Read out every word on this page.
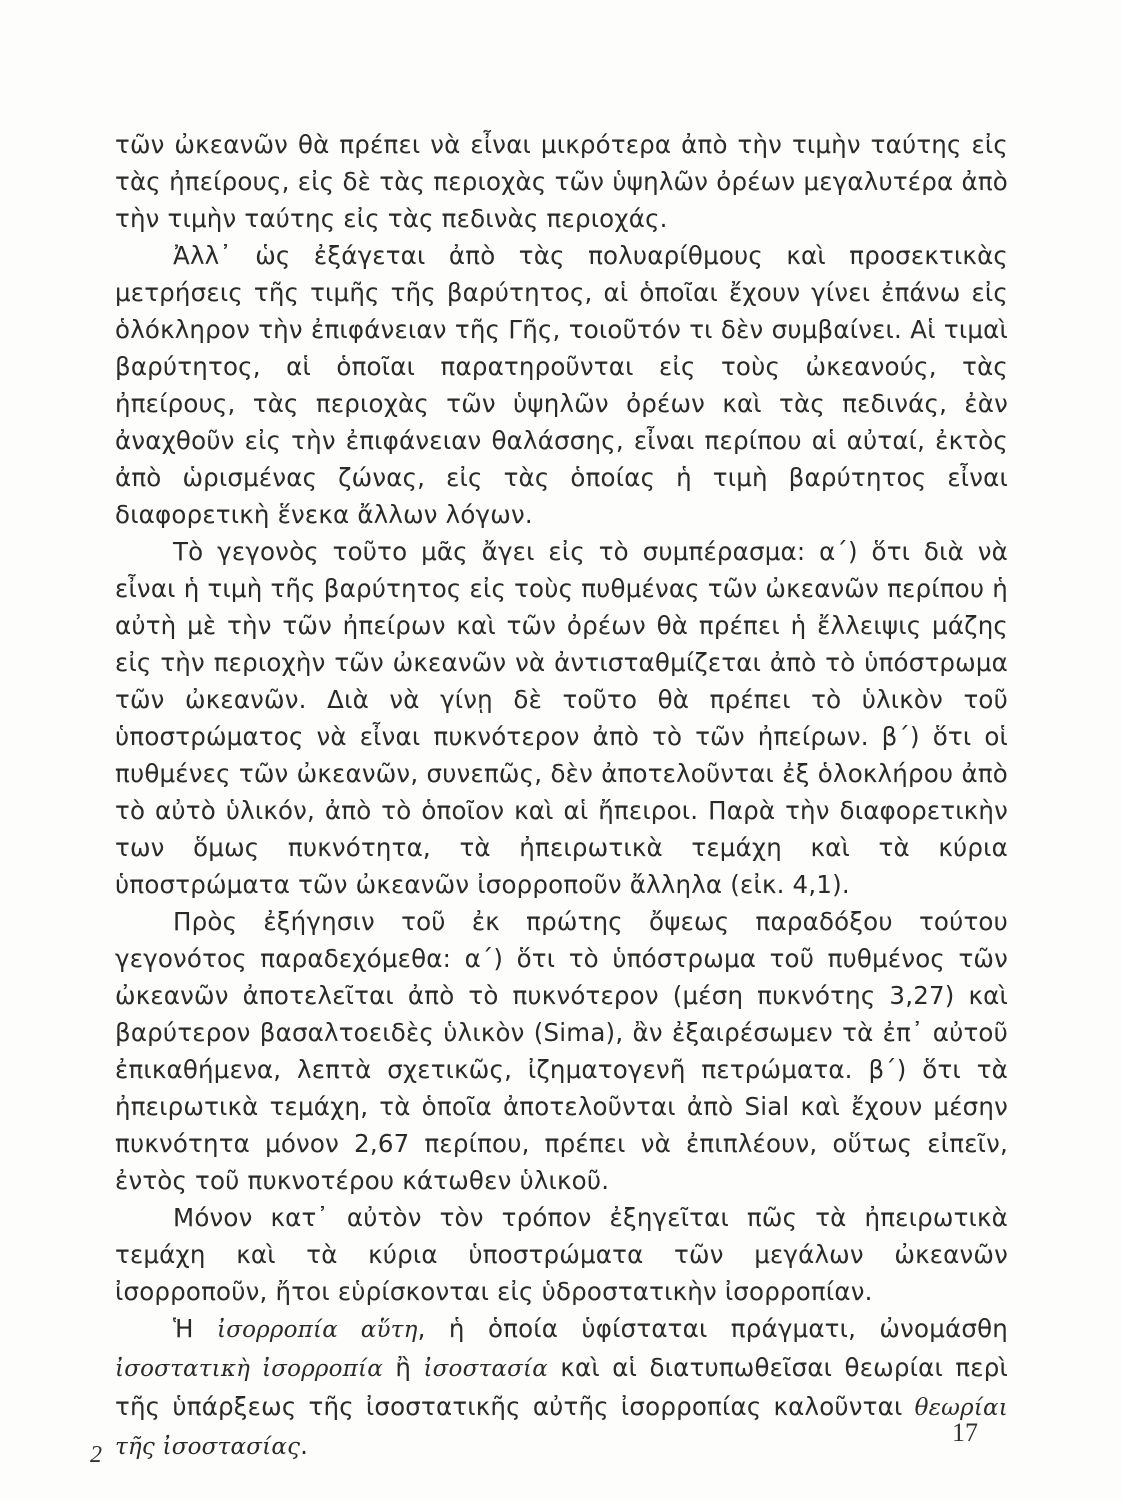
τῶν ὠκεανῶν θὰ πρέπει νὰ εἶναι μικρότερα ἀπὸ τὴν τιμὴν ταύτης εἰς τὰς ἠπείρους, εἰς δὲ τὰς περιοχὰς τῶν ὑψηλῶν ὀρέων μεγαλυτέρα ἀπὸ τὴν τιμὴν ταύτης εἰς τὰς πεδινὰς περιοχάς.

Ἀλλ᾽ ὡς ἐξάγεται ἀπὸ τὰς πολυαρίθμους καὶ προσεκτικὰς μετρήσεις τῆς τιμῆς τῆς βαρύτητος, αἱ ὁποῖαι ἔχουν γίνει ἐπάνω εἰς ὁλόκληρον τὴν ἐπιφάνειαν τῆς Γῆς, τοιοῦτόν τι δὲν συμβαίνει. Αἱ τιμαὶ βαρύτητος, αἱ ὁποῖαι παρατηροῦνται εἰς τοὺς ὠκεανούς, τὰς ἠπείρους, τὰς περιοχὰς τῶν ὑψηλῶν ὀρέων καὶ τὰς πεδινάς, ἐὰν ἀναχθοῦν εἰς τὴν ἐπιφάνειαν θαλάσσης, εἶναι περίπου αἱ αὐταί, ἐκτὸς ἀπὸ ὡρισμένας ζώνας, εἰς τὰς ὁποίας ἡ τιμὴ βαρύτητος εἶναι διαφορετικὴ ἕνεκα ἄλλων λόγων.

Τὸ γεγονὸς τοῦτο μᾶς ἄγει εἰς τὸ συμπέρασμα: α´) ὅτι διὰ νὰ εἶναι ἡ τιμὴ τῆς βαρύτητος εἰς τοὺς πυθμένας τῶν ὠκεανῶν περίπου ἡ αὐτὴ μὲ τὴν τῶν ἠπείρων καὶ τῶν ὀρέων θὰ πρέπει ἡ ἔλλειψις μάζης εἰς τὴν περιοχὴν τῶν ὠκεανῶν νὰ ἀντισταθμίζεται ἀπὸ τὸ ὑπόστρωμα τῶν ὠκεανῶν. Διὰ νὰ γίνῃ δὲ τοῦτο θὰ πρέπει τὸ ὑλικὸν τοῦ ὑποστρώματος νὰ εἶναι πυκνότερον ἀπὸ τὸ τῶν ἠπείρων. β´) ὅτι οἱ πυθμένες τῶν ὠκεανῶν, συνεπῶς, δὲν ἀποτελοῦνται ἐξ ὁλοκλήρου ἀπὸ τὸ αὐτὸ ὑλικόν, ἀπὸ τὸ ὁποῖον καὶ αἱ ἤπειροι. Παρὰ τὴν διαφορετικὴν των ὅμως πυκνότητα, τὰ ἠπειρωτικὰ τεμάχη καὶ τὰ κύρια ὑποστρώματα τῶν ὠκεανῶν ἰσορροποῦν ἄλληλα (εἰκ. 4,1).

Πρὸς ἐξήγησιν τοῦ ἐκ πρώτης ὄψεως παραδόξου τούτου γεγονότος παραδεχόμεθα: α´) ὅτι τὸ ὑπόστρωμα τοῦ πυθμένος τῶν ὠκεανῶν ἀποτελεῖται ἀπὸ τὸ πυκνότερον (μέση πυκνότης 3,27) καὶ βαρύτερον βασαλτοειδὲς ὑλικὸν (Sima), ἂν ἐξαιρέσωμεν τὰ ἐπ᾽ αὐτοῦ ἐπικαθήμενα, λεπτὰ σχετικῶς, ἰζηματογενῆ πετρώματα. β´) ὅτι τὰ ἠπειρωτικὰ τεμάχη, τὰ ὁποῖα ἀποτελοῦνται ἀπὸ Sial καὶ ἔχουν μέσην πυκνότητα μόνον 2,67 περίπου, πρέπει νὰ ἐπιπλέουν, οὕτως εἰπεῖν, ἐντὸς τοῦ πυκνοτέρου κάτωθεν ὑλικοῦ.

Μόνον κατ᾽ αὐτὸν τὸν τρόπον ἐξηγεῖται πῶς τὰ ἠπειρωτικὰ τεμάχη καὶ τὰ κύρια ὑποστρώματα τῶν μεγάλων ὠκεανῶν ἰσορροποῦν, ἤτοι εὑρίσκονται εἰς ὑδροστατικὴν ἰσορροπίαν.

Ἡ ἰσορροπία αὕτη, ἡ ὁποία ὑφίσταται πράγματι, ὠνομάσθη ἰσοστατικὴ ἰσορροπία ἢ ἰσοστασία καὶ αἱ διατυπωθεῖσαι θεωρίαι περὶ τῆς ὑπάρξεως τῆς ἰσοστατικῆς αὐτῆς ἰσορροπίας καλοῦνται θεωρίαι τῆς ἰσοστασίας.	17
2
